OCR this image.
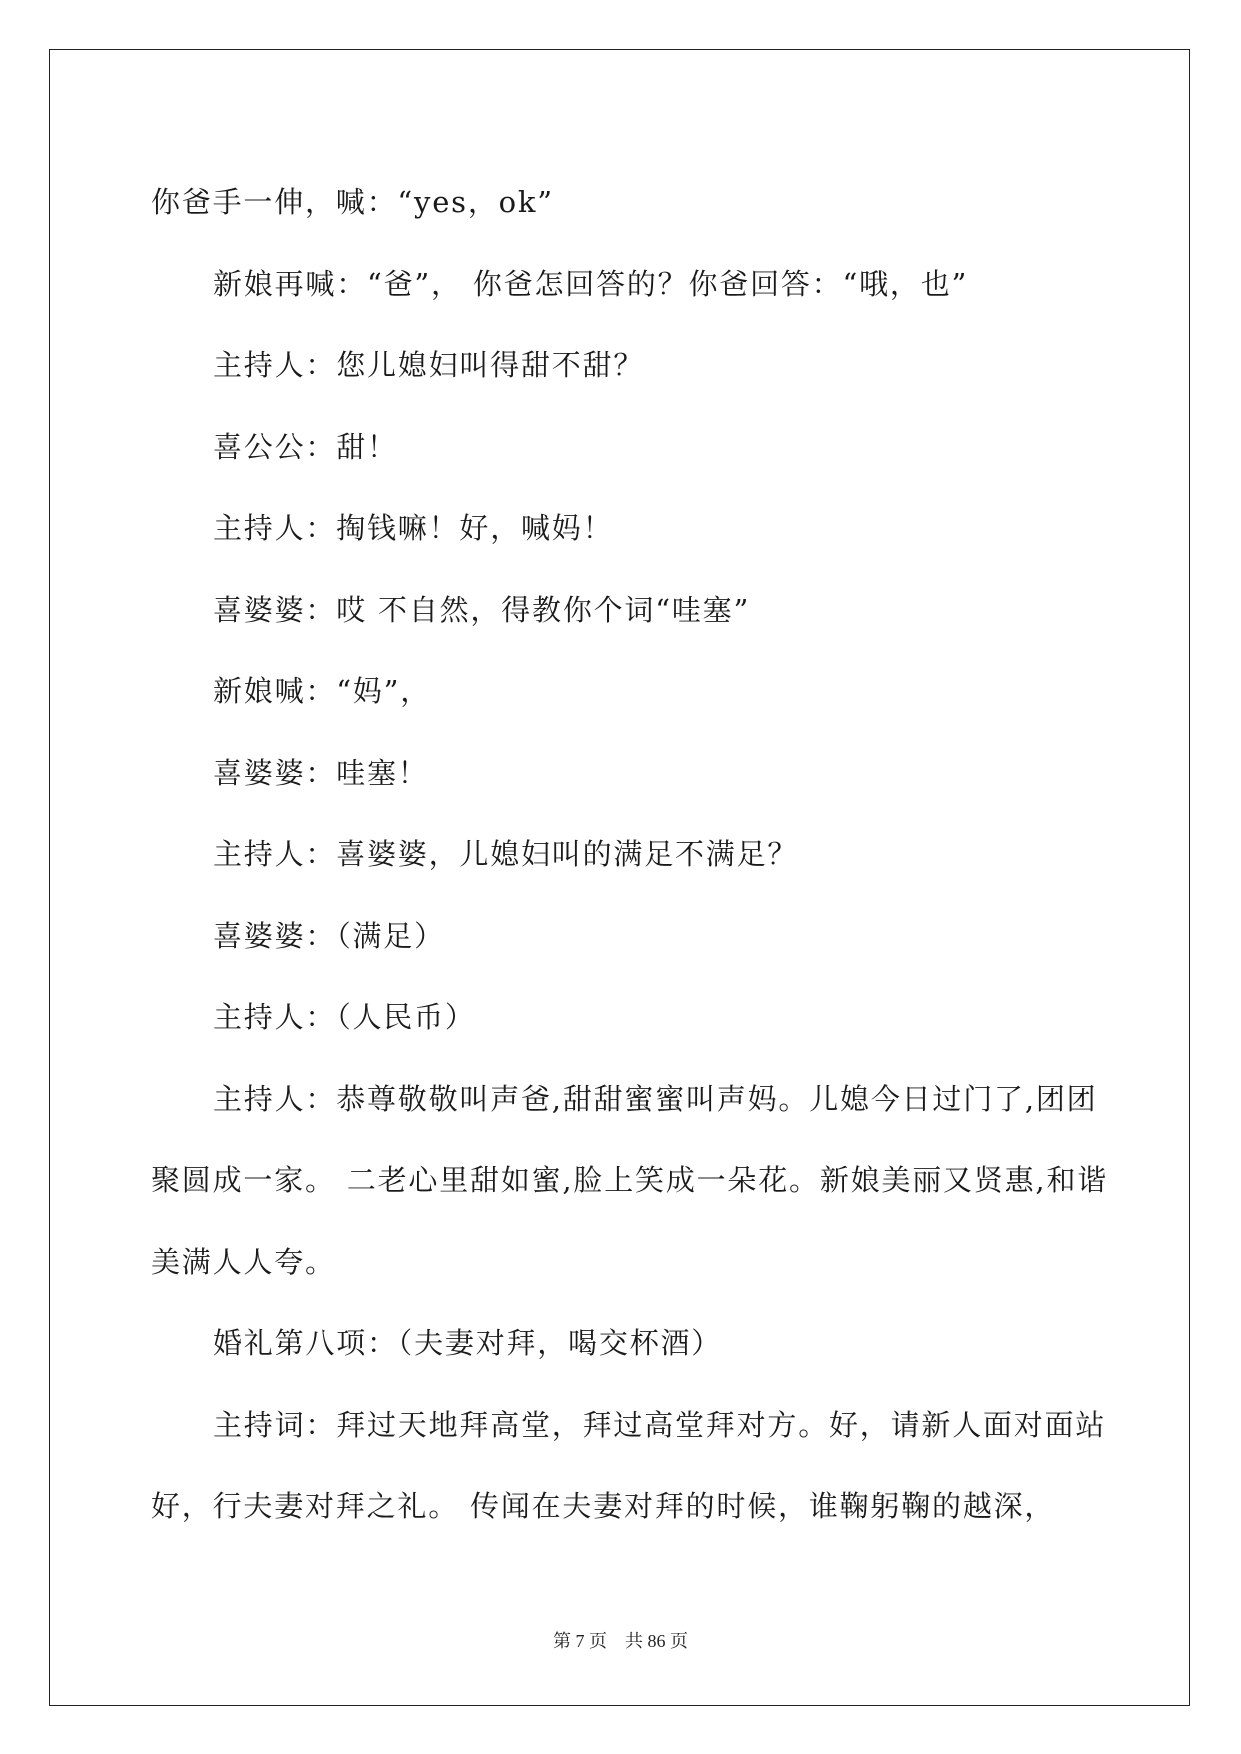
你爸手一伸，喊：“yes，ok”

新娘再喊：“爸”， 你爸怎回答的？你爸回答：“哦，也”

主持人：您儿媳妇叫得甜不甜？

喜公公：甜！

主持人：掏钱嘛！好，喊妈！

喜婆婆：哎 不自然，得教你个词“哇塞”

新娘喊：“妈”，

喜婆婆：哇塞！

主持人：喜婆婆，儿媳妇叫的满足不满足？

喜婆婆：（满足）

主持人：（人民币）

主持人：恭尊敬敬叫声爸,甜甜蜜蜜叫声妈。儿媳今日过门了,团团聚圆成一家。 二老心里甜如蜜,脸上笑成一朵花。新娘美丽又贤惠,和谐美满人人夸。

婚礼第八项：（夫妻对拜，喝交杯酒）

主持词：拜过天地拜高堂，拜过高堂拜对方。好，请新人面对面站好，行夫妻对拜之礼。 传闻在夫妻对拜的时候，谁鞠躬鞠的越深，

第 7 页　共 86 页
